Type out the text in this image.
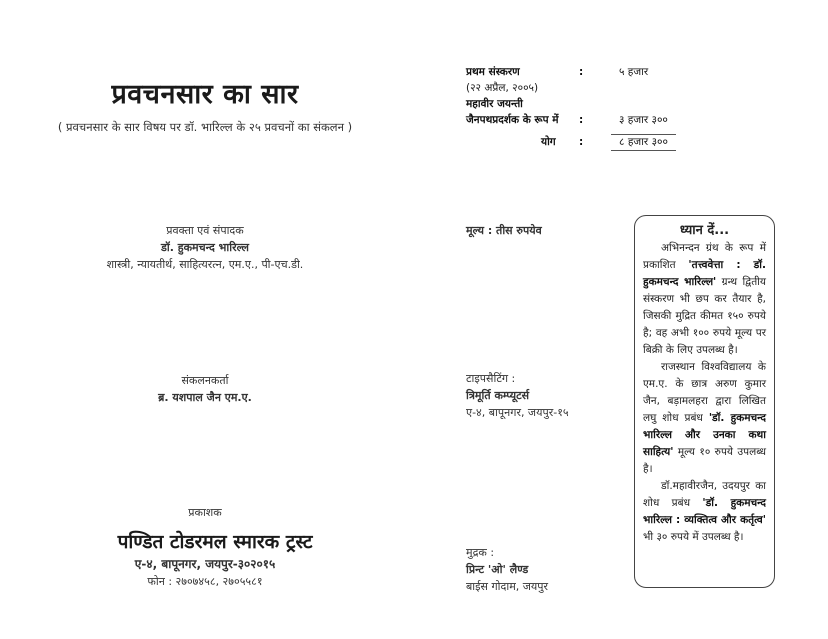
प्रवचनसार का सार
( प्रवचनसार के सार विषय पर डॉ. भारिल्ल के २५ प्रवचनों का संकलन )
प्रथम संस्करण	:	५ हजार
(२२ अप्रैल, २००५)
महावीर जयन्ती
जैनपथप्रदर्शक के रूप में :	३ हजार ३००
योग :	८ हजार ३००
प्रवक्ता एवं संपादक
डॉ. हुकमचन्द भारिल्ल
शास्त्री, न्यायतीर्थ, साहित्यरत्न, एम.ए., पी-एच.डी.
मूल्य : तीस रुपयेव
संकलनकर्ता
ब्र. यशपाल जैन एम.ए.
टाइपसैटिंग :
त्रिमूर्ति कम्प्यूटर्स
ए-४, बापूनगर, जयपुर-१५
प्रकाशक
पण्डित टोडरमल स्मारक ट्रस्ट
ए-४, बापूनगर, जयपुर-३०२०१५
फोन : २७०७४५८, २७०५५८१
मुद्रक :
प्रिन्ट 'ओ' लैण्ड
बाईस गोदाम, जयपुर
ध्यान दें...

अभिनन्दन ग्रंथ के रूप में प्रकाशित 'तत्त्ववेत्ता : डॉ. हुकमचन्द भारिल्ल' ग्रन्थ द्वितीय संस्करण भी छप कर तैयार है, जिसकी मुद्रित कीमत १५० रुपये है; वह अभी १०० रुपये मूल्य पर बिक्री के लिए उपलब्ध है।

राजस्थान विश्वविद्यालय के एम.ए. के छात्र अरुण कुमार जैन, बड़ामलहरा द्वारा लिखित लघु शोध प्रबंध 'डॉ. हुकमचन्द भारिल्ल और उनका कथा साहित्य' मूल्य १० रुपये उपलब्ध है।

डॉ.महावीरजैन, उदयपुर का शोध प्रबंध 'डॉ. हुकमचन्द भारिल्ल : व्यक्तित्व और कर्तृत्व' भी ३० रुपये में उपलब्ध है।
